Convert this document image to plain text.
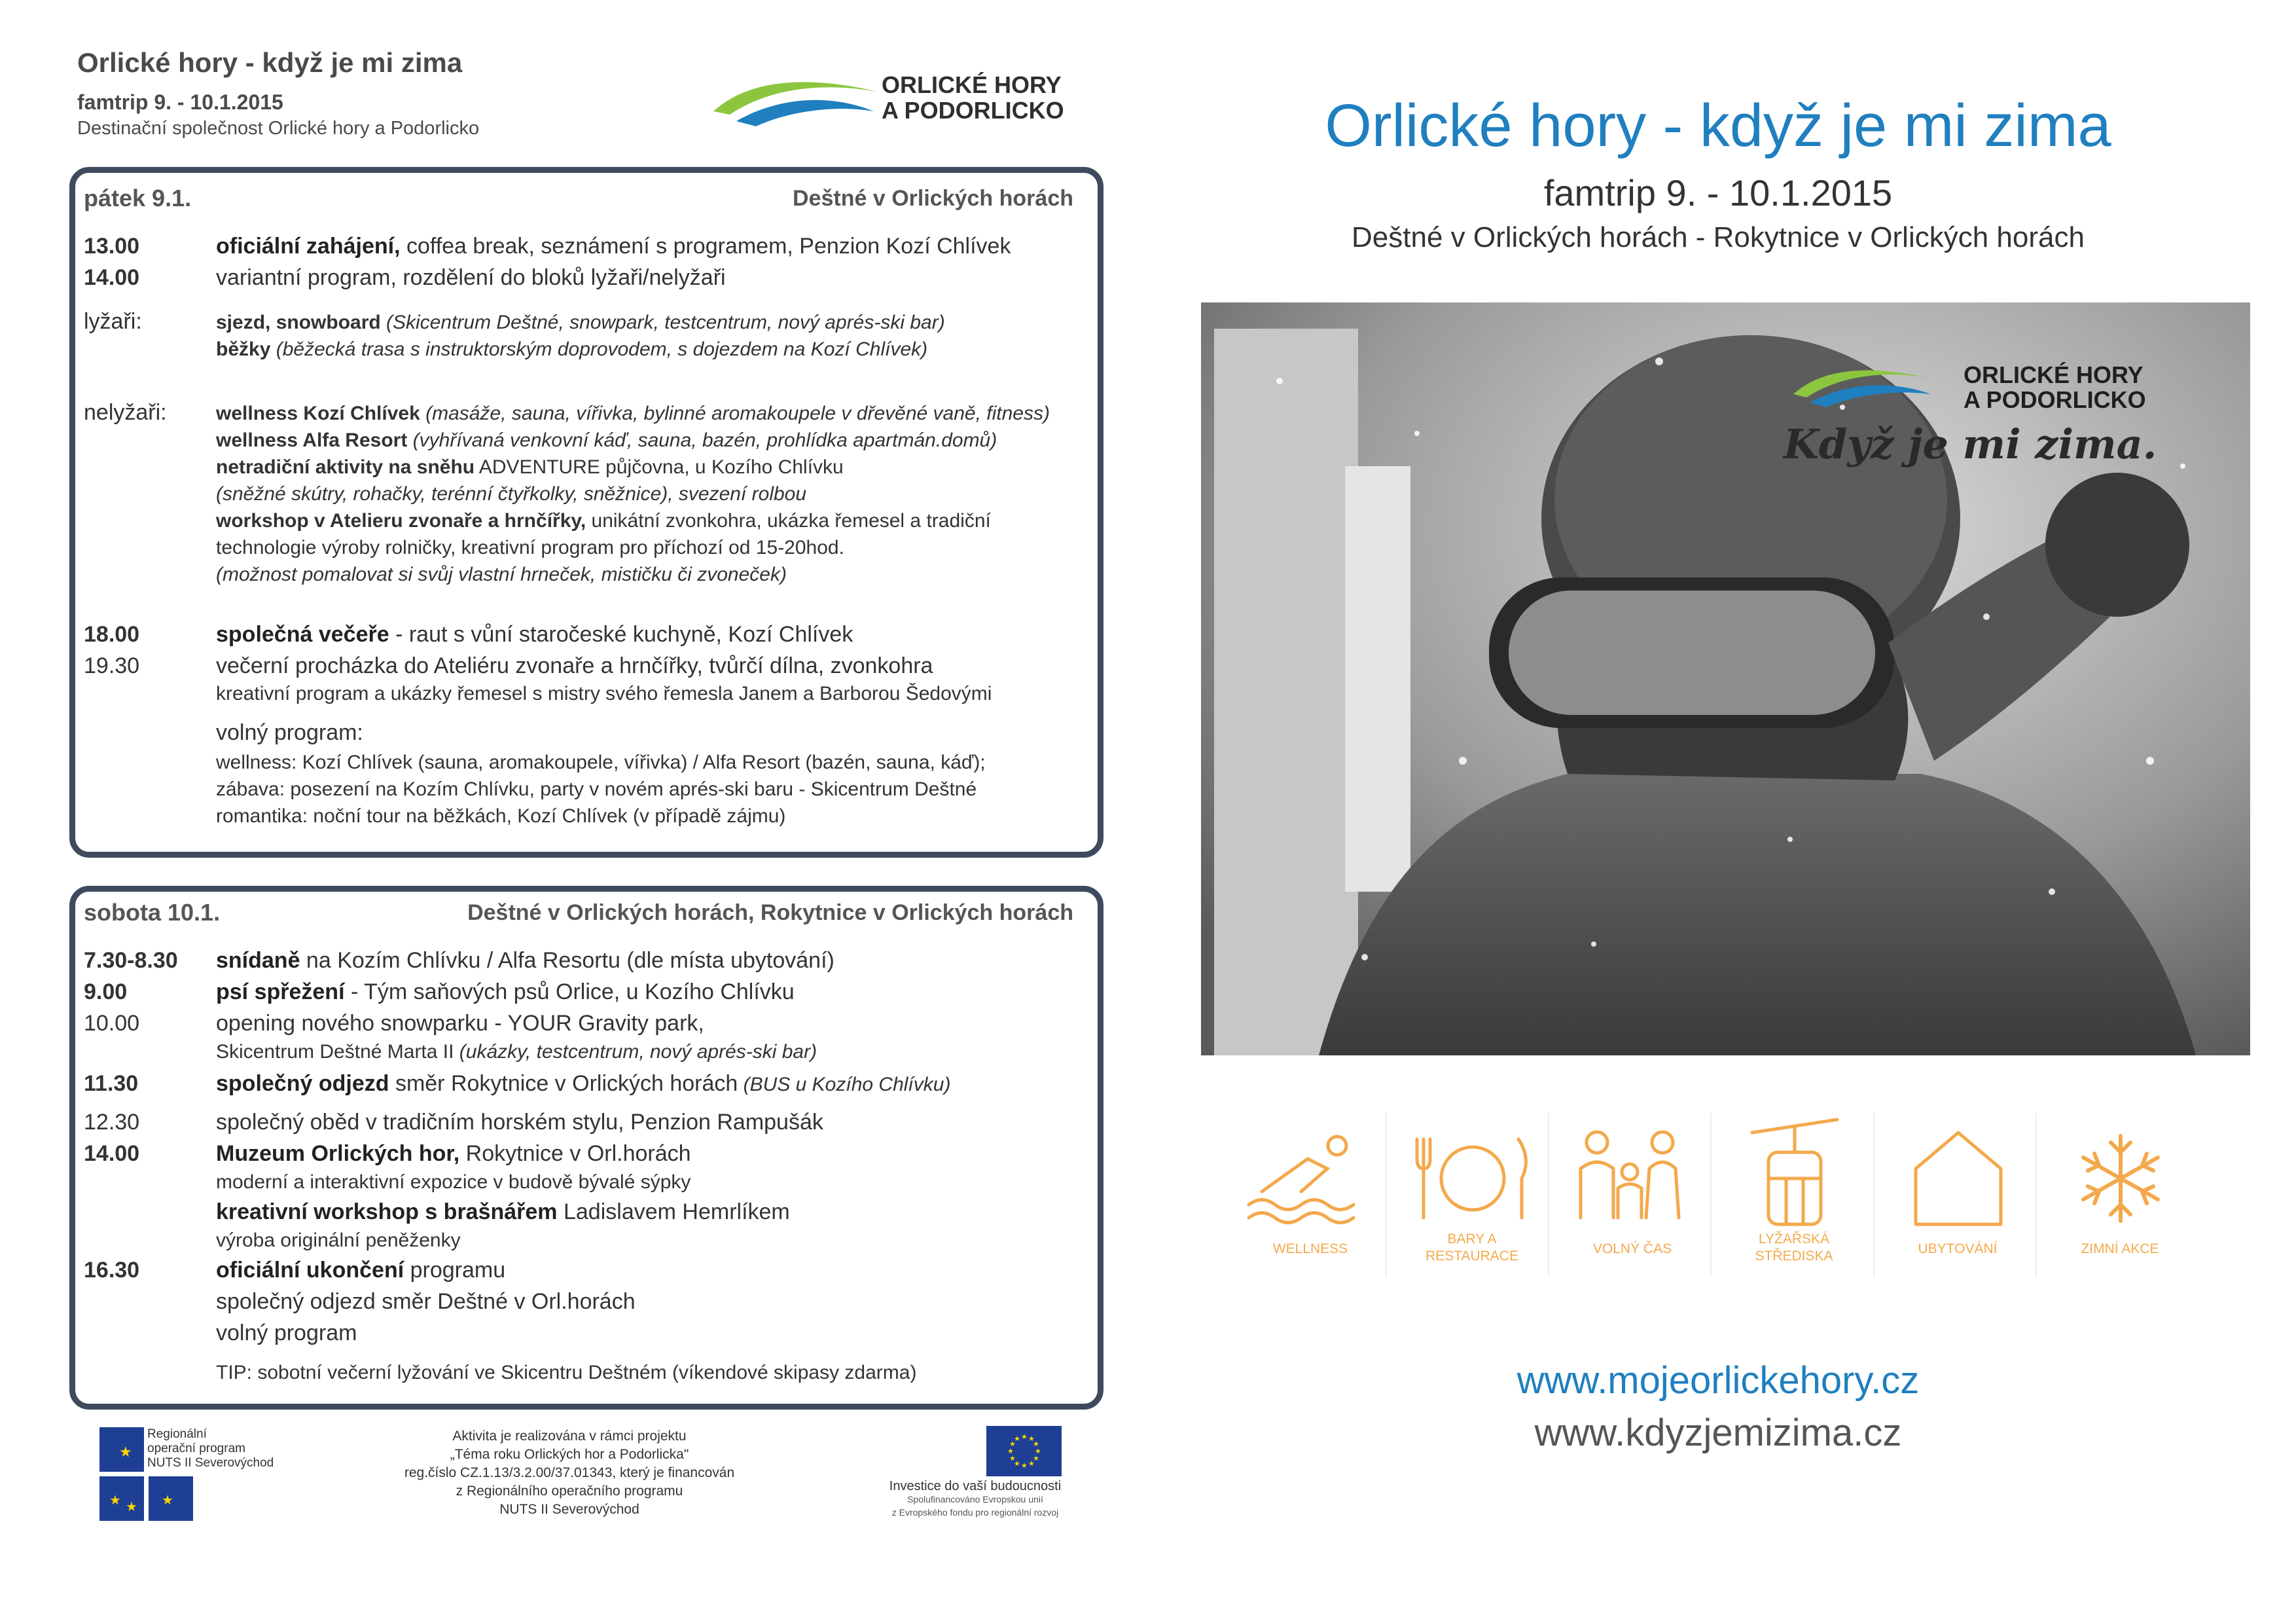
Orlické hory - když je mi zima
famtrip 9. - 10.1.2015
Destinační společnost Orlické hory a Podorlicko
ORLICKÉ HORY
A PODORLICKO
pátek 9.1.	Deštné v Orlických horách
13.00	oficiální zahájení, coffea break, seznámení s programem, Penzion Kozí Chlívek
14.00	variantní program, rozdělení do bloků lyžaři/nelyžaři
lyžaři:	sjezd, snowboard (Skicentrum Deštné, snowpark, testcentrum, nový aprés-ski bar)
běžky (běžecká trasa s instruktorským doprovodem, s dojezdem na Kozí Chlívek)
nelyžaři:	wellness Kozí Chlívek (masáže, sauna, vířivka, bylinné aromakoupele v dřevěné vaně, fitness)
wellness Alfa Resort (vyhřívaná venkovní káď, sauna, bazén, prohlídka apartmán.domů)
netradiční aktivity na sněhu ADVENTURE půjčovna, u Kozího Chlívku
(sněžné skútry, rohačky, terénní čtyřkolky, sněžnice), svezení rolbou
workshop v Atelieru zvonaře a hrnčířky, unikátní zvonkohra, ukázka řemesel a tradiční
technologie výroby rolničky, kreativní program pro příchozí od 15-20hod.
(možnost pomalovat si svůj vlastní hrneček, mističku či zvoneček)
18.00	společná večeře - raut s vůní staročeské kuchyně, Kozí Chlívek
19.30	večerní procházka do Ateliéru zvonaře a hrnčířky, tvůrčí dílna, zvonkohra
kreativní program a ukázky řemesel s mistry svého řemesla Janem a Barborou Šedovými
volný program:
wellness: Kozí Chlívek (sauna, aromakoupele, vířivka) / Alfa Resort (bazén, sauna, káď);
zábava: posezení na Kozím Chlívku, party v novém aprés-ski baru - Skicentrum Deštné
romantika: noční tour na běžkách, Kozí Chlívek (v případě zájmu)
sobota 10.1.	Deštné v Orlických horách, Rokytnice v Orlických horách
7.30-8.30 snídaně na Kozím Chlívku / Alfa Resortu (dle místa ubytování)
9.00	psí spřežení - Tým saňových psů Orlice, u Kozího Chlívku
10.00	opening nového snowparku - YOUR Gravity park,
Skicentrum Deštné Marta II (ukázky, testcentrum, nový aprés-ski bar)
11.30	společný odjezd směr Rokytnice v Orlických horách (BUS u Kozího Chlívku)
12.30	společný oběd v tradičním horském stylu, Penzion Rampušák
14.00	Muzeum Orlických hor, Rokytnice v Orl.horách
moderní a interaktivní expozice v budově bývalé sýpky
kreativní workshop s brašnářem Ladislavem Hemrlíkem
výroba originální peněženky
16.30	oficiální ukončení programu
společný odjezd směr Deštné v Orl.horách
volný program
TIP: sobotní večerní lyžování ve Skicentru Deštném (víkendové skipasy zdarma)
★
★ ★ ★
Regionální
operační program
NUTS II Severovýchod
Aktivita je realizována v rámci projektu
„Téma roku Orlických hor a Podorlicka"
reg.číslo CZ.1.13/3.2.00/37.01343, který je financován
z Regionálního operačního programu
NUTS II Severovýchod
★ ★
★
★
★
★
★
★
★
★
★
★
Investice do vaší budoucnosti
Spolufinancováno Evropskou unií
z Evropského fondu pro regionální rozvoj
Orlické hory - když je mi zima
famtrip 9. - 10.1.2015
Deštné v Orlických horách - Rokytnice v Orlických horách
ORLICKÉ HORY
A PODORLICKO
Když je mi zima.
WELLNESS
BARY A
RESTAURACE	VOLNÝ ČAS
LYŽAŘSKÁ
STŘEDISKA	UBYTOVÁNÍ	ZIMNÍ AKCE
www.mojeorlickehory.cz
www.kdyzjemizima.cz
